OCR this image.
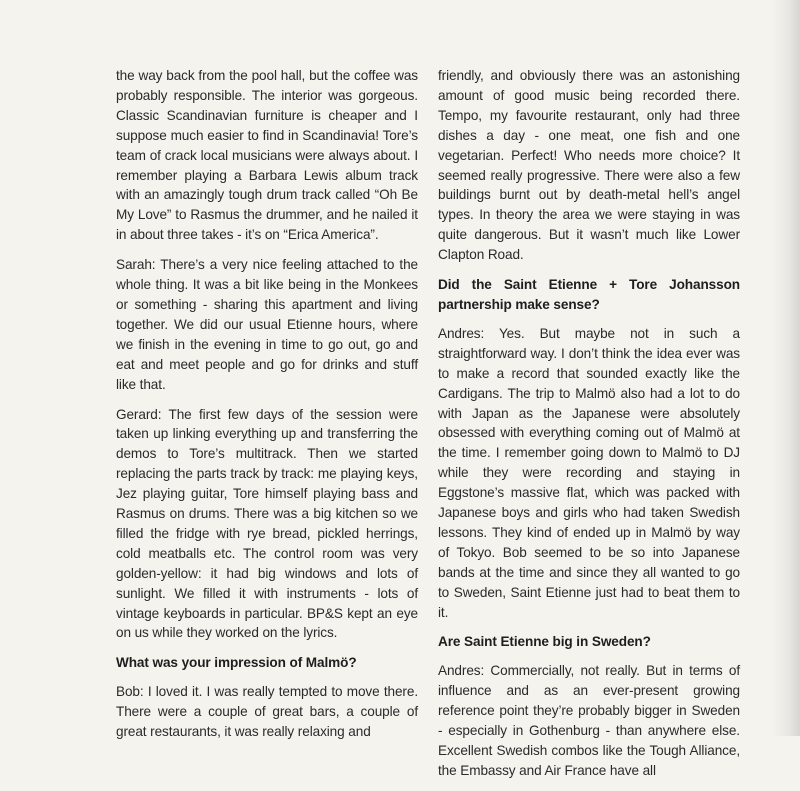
the way back from the pool hall, but the coffee was probably responsible. The interior was gorgeous. Classic Scandinavian furniture is cheaper and I suppose much easier to find in Scandinavia! Tore’s team of crack local musicians were always about. I remember playing a Barbara Lewis album track with an amazingly tough drum track called “Oh Be My Love” to Rasmus the drummer, and he nailed it in about three takes - it’s on “Erica America”.

Sarah: There’s a very nice feeling attached to the whole thing. It was a bit like being in the Monkees or something - sharing this apartment and living together. We did our usual Etienne hours, where we finish in the evening in time to go out, go and eat and meet people and go for drinks and stuff like that.

Gerard: The first few days of the session were taken up linking everything up and transferring the demos to Tore’s multitrack. Then we started replacing the parts track by track: me playing keys, Jez playing guitar, Tore himself playing bass and Rasmus on drums. There was a big kitchen so we filled the fridge with rye bread, pickled herrings, cold meatballs etc. The control room was very golden-yellow: it had big windows and lots of sunlight. We filled it with instruments - lots of vintage keyboards in particular. BP&S kept an eye on us while they worked on the lyrics.

What was your impression of Malmö?

Bob: I loved it. I was really tempted to move there. There were a couple of great bars, a couple of great restaurants, it was really relaxing and

friendly, and obviously there was an astonishing amount of good music being recorded there. Tempo, my favourite restaurant, only had three dishes a day - one meat, one fish and one vegetarian. Perfect! Who needs more choice? It seemed really progressive. There were also a few buildings burnt out by death-metal hell’s angel types. In theory the area we were staying in was quite dangerous. But it wasn’t much like Lower Clapton Road.

Did the Saint Etienne + Tore Johansson partnership make sense?

Andres: Yes. But maybe not in such a straightforward way. I don’t think the idea ever was to make a record that sounded exactly like the Cardigans. The trip to Malmö also had a lot to do with Japan as the Japanese were absolutely obsessed with everything coming out of Malmö at the time. I remember going down to Malmö to DJ while they were recording and staying in Eggstone’s massive flat, which was packed with Japanese boys and girls who had taken Swedish lessons. They kind of ended up in Malmö by way of Tokyo. Bob seemed to be so into Japanese bands at the time and since they all wanted to go to Sweden, Saint Etienne just had to beat them to it.

Are Saint Etienne big in Sweden?

Andres: Commercially, not really. But in terms of influence and as an ever-present growing reference point they’re probably bigger in Sweden - especially in Gothenburg - than anywhere else. Excellent Swedish combos like the Tough Alliance, the Embassy and Air France have all
